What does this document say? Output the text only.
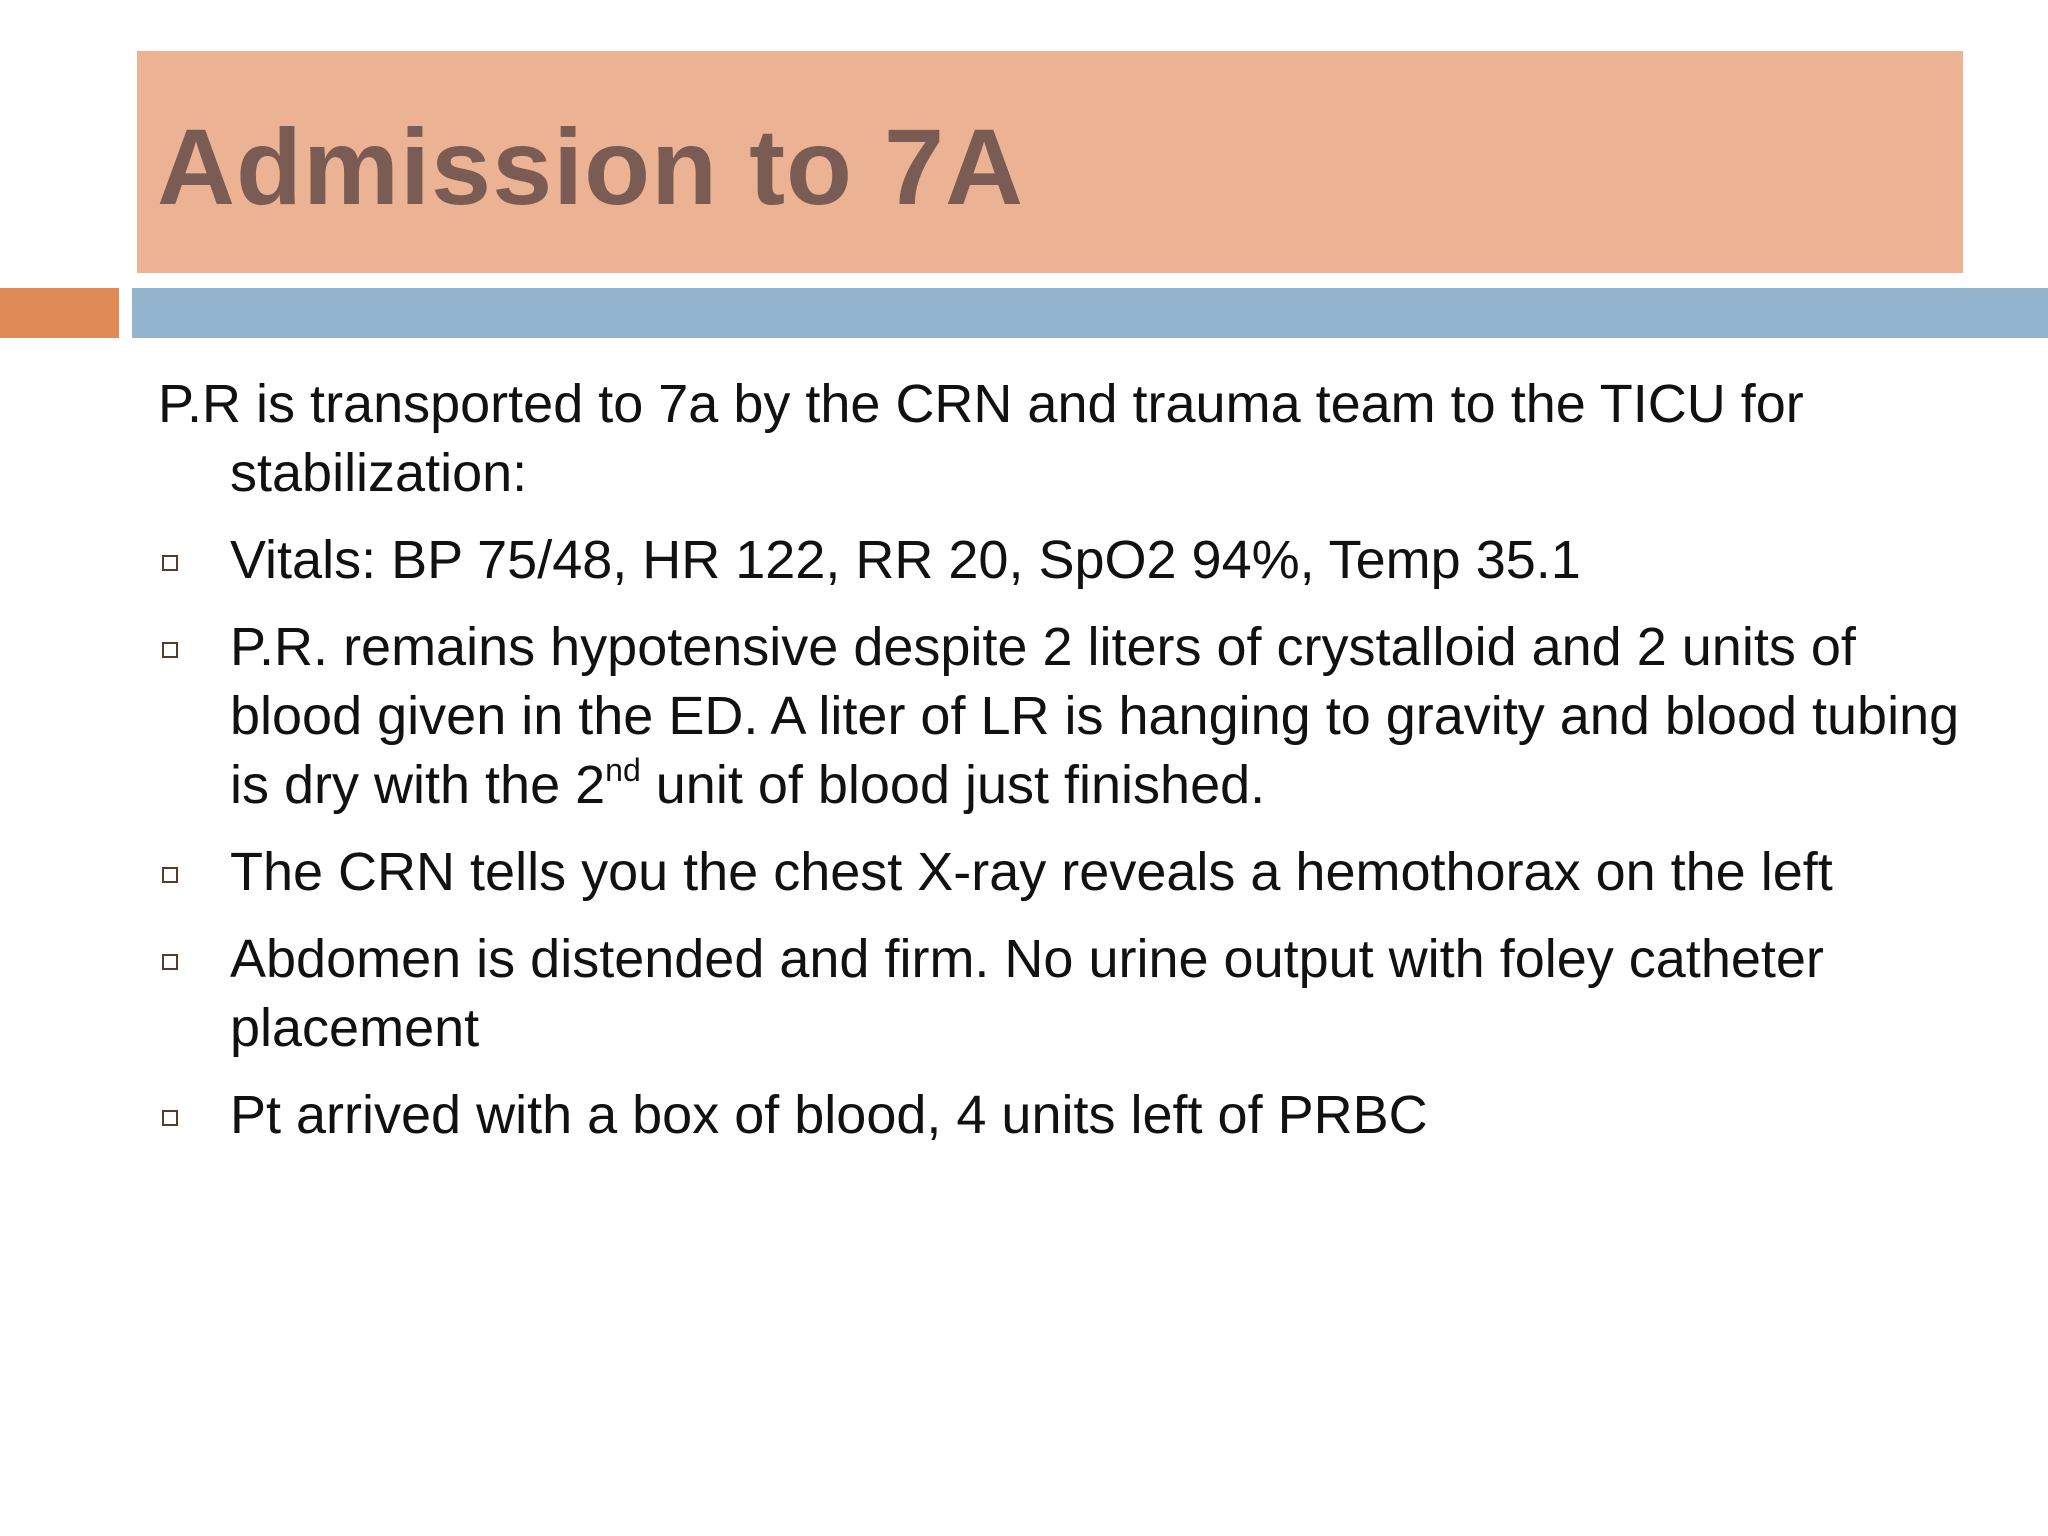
Admission to 7A

P.R is transported to 7a by the CRN and trauma team to the TICU for stabilization:

Vitals: BP 75/48, HR 122, RR 20, SpO2 94%, Temp 35.1
P.R. remains hypotensive despite 2 liters of crystalloid and 2 units of blood given in the ED. A liter of LR is hanging to gravity and blood tubing is dry with the 2nd unit of blood just finished.
The CRN tells you the chest X-ray reveals a hemothorax on the left
Abdomen is distended and firm. No urine output with foley catheter placement
Pt arrived with a box of blood, 4 units left of PRBC
